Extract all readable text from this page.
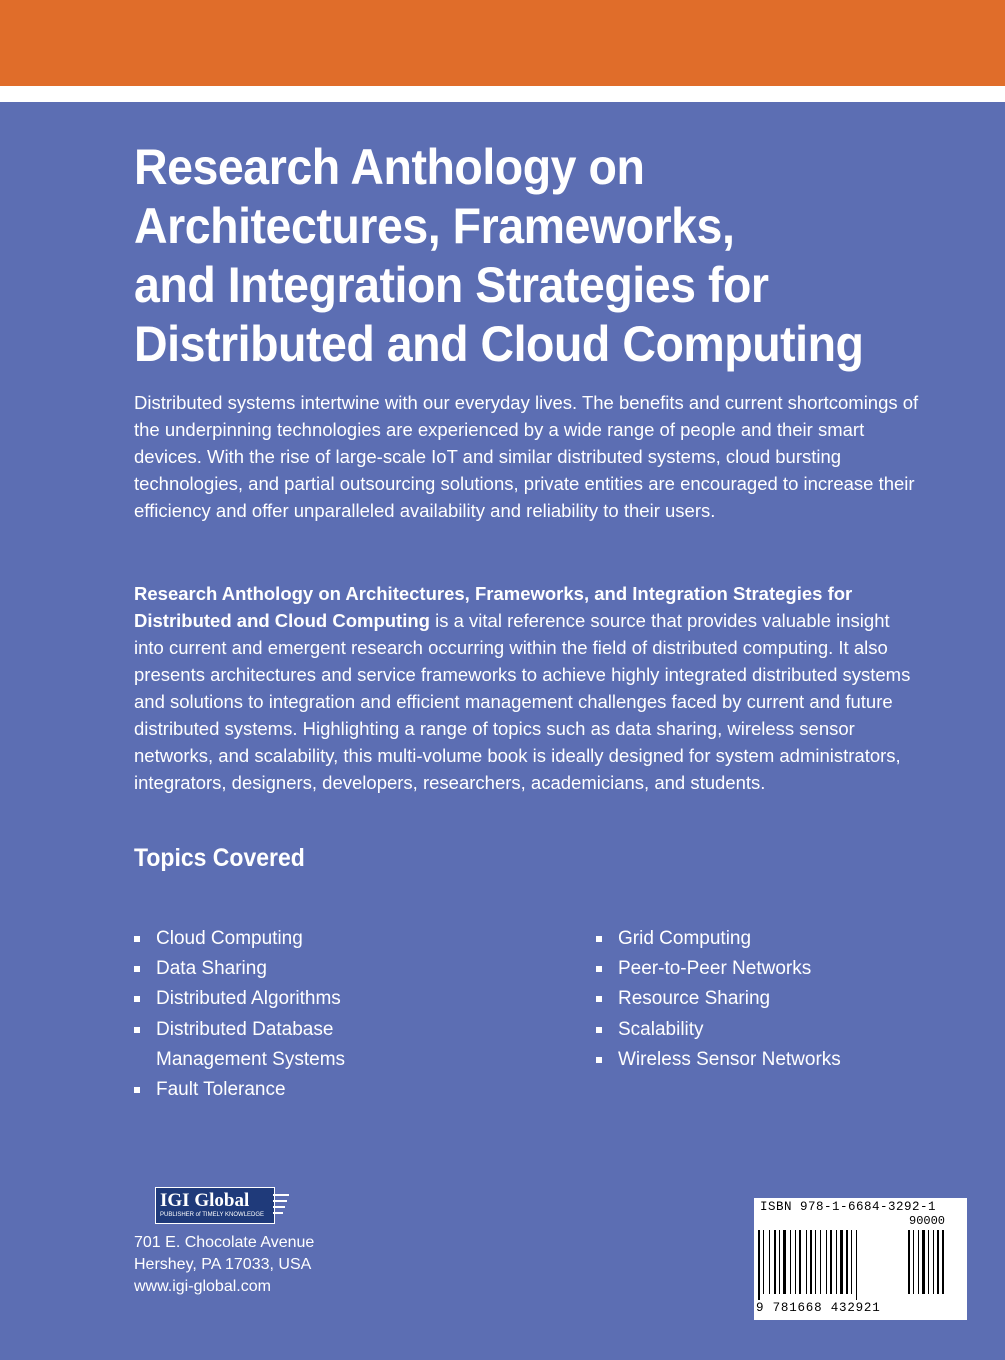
Research Anthology on
Architectures, Frameworks,
and Integration Strategies for
Distributed and Cloud Computing

Distributed systems intertwine with our everyday lives. The benefits and current shortcomings of the underpinning technologies are experienced by a wide range of people and their smart devices. With the rise of large-scale IoT and similar distributed systems, cloud bursting technologies, and partial outsourcing solutions, private entities are encouraged to increase their efficiency and offer unparalleled availability and reliability to their users.

Research Anthology on Architectures, Frameworks, and Integration Strategies for Distributed and Cloud Computing is a vital reference source that provides valuable insight into current and emergent research occurring within the field of distributed computing. It also presents architectures and service frameworks to achieve highly integrated distributed systems and solutions to integration and efficient management challenges faced by current and future distributed systems. Highlighting a range of topics such as data sharing, wireless sensor networks, and scalability, this multi-volume book is ideally designed for system administrators, integrators, designers, developers, researchers, academicians, and students.

Topics Covered
Cloud Computing
Data Sharing
Distributed Algorithms
Distributed Database
Management Systems
Fault Tolerance
Grid Computing
Peer-to-Peer Networks
Resource Sharing
Scalability
Wireless Sensor Networks
IGI Global
PUBLISHER of TIMELY KNOWLEDGE

701 E. Chocolate Avenue
Hershey, PA 17033, USA
www.igi-global.com

ISBN 978-1-6684-3292-1
90000
9 781668 432921
